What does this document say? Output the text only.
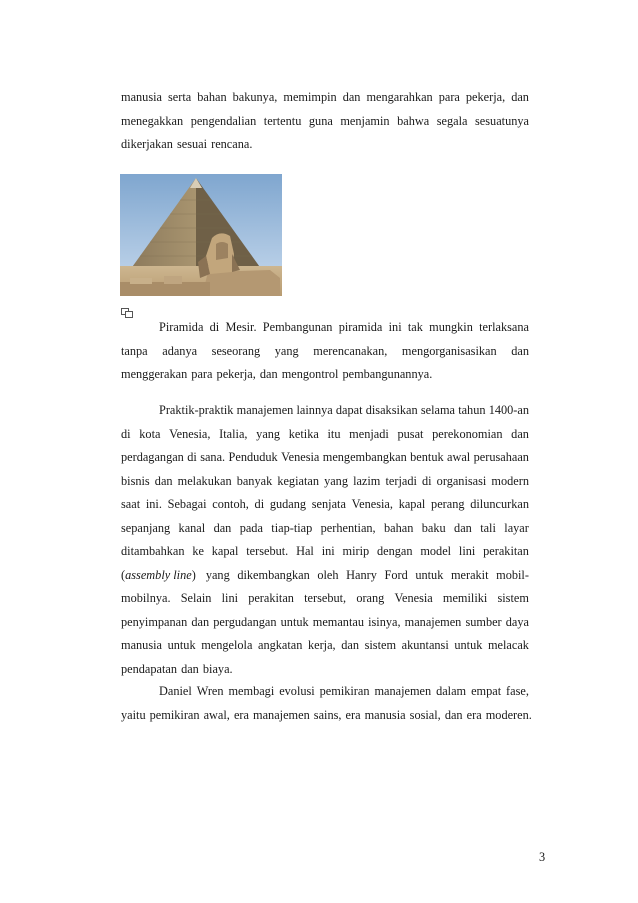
manusia serta bahan bakunya, memimpin dan mengarahkan para pekerja, dan
menegakkan pengendalian tertentu guna menjamin bahwa segala sesuatunya
dikerjakan sesuai rencana.
Piramida di Mesir. Pembangunan piramida ini tak mungkin terlaksana
tanpa adanya seseorang yang merencanakan, mengorganisasikan dan
menggerakan para pekerja, dan mengontrol pembangunannya.
Praktik-praktik manajemen lainnya dapat disaksikan selama tahun 1400-an
di kota Venesia, Italia, yang ketika itu menjadi pusat perekonomian dan
perdagangan di sana. Penduduk Venesia mengembangkan bentuk awal perusahaan
bisnis dan melakukan banyak kegiatan yang lazim terjadi di organisasi modern
saat ini. Sebagai contoh, di gudang senjata Venesia, kapal perang diluncurkan
sepanjang kanal dan pada tiap-tiap perhentian, bahan baku dan tali layar
ditambahkan ke kapal tersebut. Hal ini mirip dengan model lini perakitan
(assembly line) yang dikembangkan oleh Hanry Ford untuk merakit mobil-
mobilnya. Selain lini perakitan tersebut, orang Venesia memiliki sistem
penyimpanan dan pergudangan untuk memantau isinya, manajemen sumber daya
manusia untuk mengelola angkatan kerja, dan sistem akuntansi untuk melacak
pendapatan dan biaya.
Daniel Wren membagi evolusi pemikiran manajemen dalam empat fase,
yaitu pemikiran awal, era manajemen sains, era manusia sosial, dan era moderen.
3
